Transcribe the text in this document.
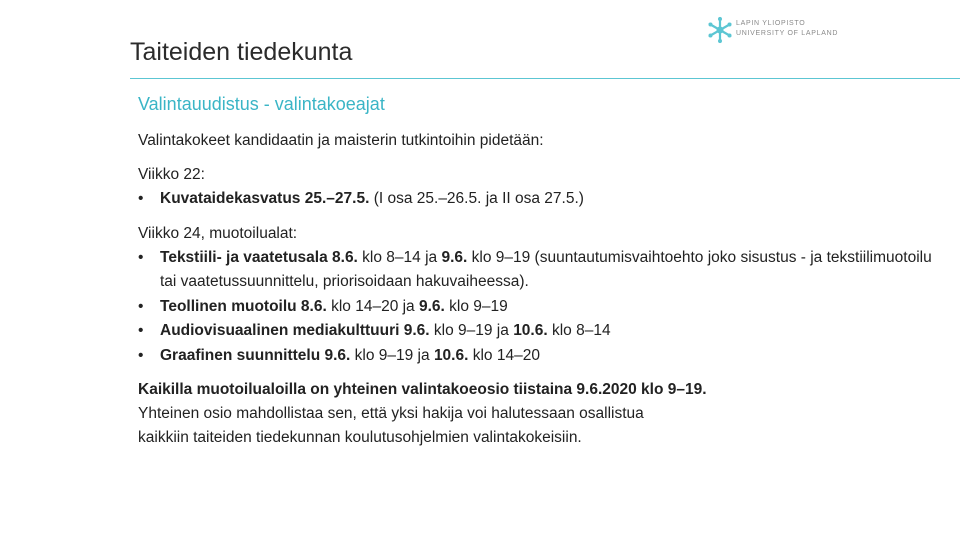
Taiteiden tiedekunta
LAPIN YLIOPISTO
UNIVERSITY OF LAPLAND
Valintauudistus - valintakoeajat

Valintakokeet kandidaatin ja maisterin tutkintoihin pidetään:

Viikko 22:

• Kuvataidekasvatus 25.–27.5. (I osa 25.–26.5. ja II osa 27.5.)

Viikko 24, muotoilualat:

• Tekstiili- ja vaatetusala 8.6. klo 8–14 ja 9.6. klo 9–19 (suuntautumisvaihtoehto joko sisustus - ja tekstiilimuotoilu tai vaatetussuunnittelu, priorisoidaan hakuvaiheessa).
• Teollinen muotoilu 8.6. klo 14–20 ja 9.6. klo 9–19
• Audiovisuaalinen mediakulttuuri 9.6. klo 9–19 ja 10.6. klo 8–14
• Graafinen suunnittelu 9.6. klo 9–19 ja 10.6. klo 14–20

Kaikilla muotoilualoilla on yhteinen valintakoeosio tiistaina 9.6.2020 klo 9–19.

Yhteinen osio mahdollistaa sen, että yksi hakija voi halutessaan osallistua

kaikkiin taiteiden tiedekunnan koulutusohjelmien valintakokeisiin.
